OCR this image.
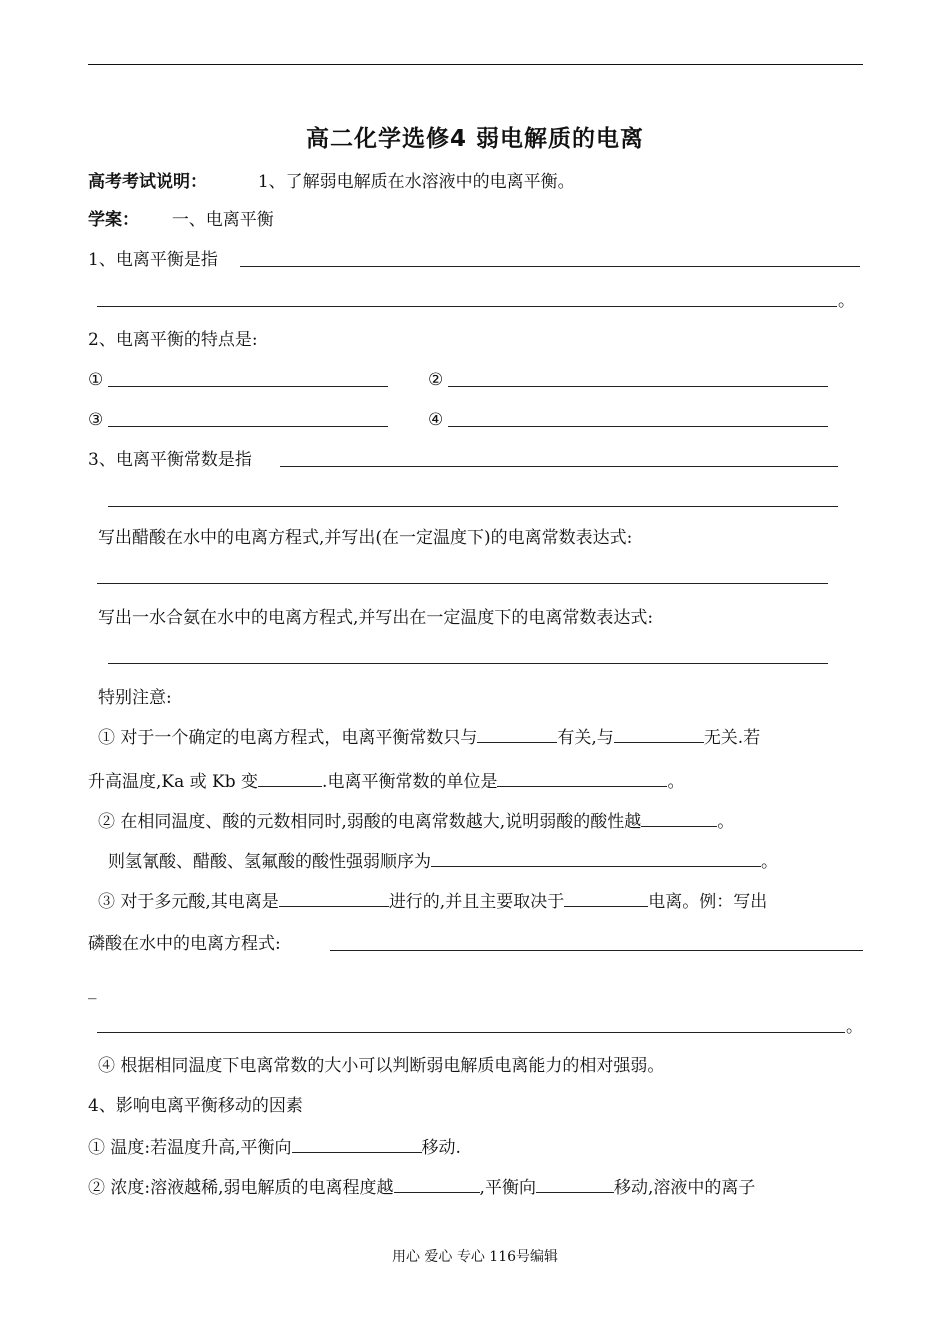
高二化学选修4 弱电解质的电离
高考考试说明：	1、了解弱电解质在水溶液中的电离平衡。
学案： 一、电离平衡
1、电离平衡是指
。
2、电离平衡的特点是:
①	②
③	④
3、电离平衡常数是指
写出醋酸在水中的电离方程式,并写出(在一定温度下)的电离常数表达式:
写出一水合氨在水中的电离方程式,并写出在一定温度下的电离常数表达式:
特别注意:
① 对于一个确定的电离方程式，电离平衡常数只与	有关,与	无关.若
升高温度,Ka 或 Kb 变	.电离平衡常数的单位是	。
② 在相同温度、酸的元数相同时,弱酸的电离常数越大,说明弱酸的酸性越	。
则氢氰酸、醋酸、氢氟酸的酸性强弱顺序为	。
③ 对于多元酸,其电离是	进行的,并且主要取决于	电离。例：写出
磷酸在水中的电离方程式:
_
。
④ 根据相同温度下电离常数的大小可以判断弱电解质电离能力的相对强弱。
4、影响电离平衡移动的因素
① 温度:若温度升高,平衡向	移动.
② 浓度:溶液越稀,弱电解质的电离程度越	,平衡向	移动,溶液中的离子
用心 爱心 专心 116号编辑
